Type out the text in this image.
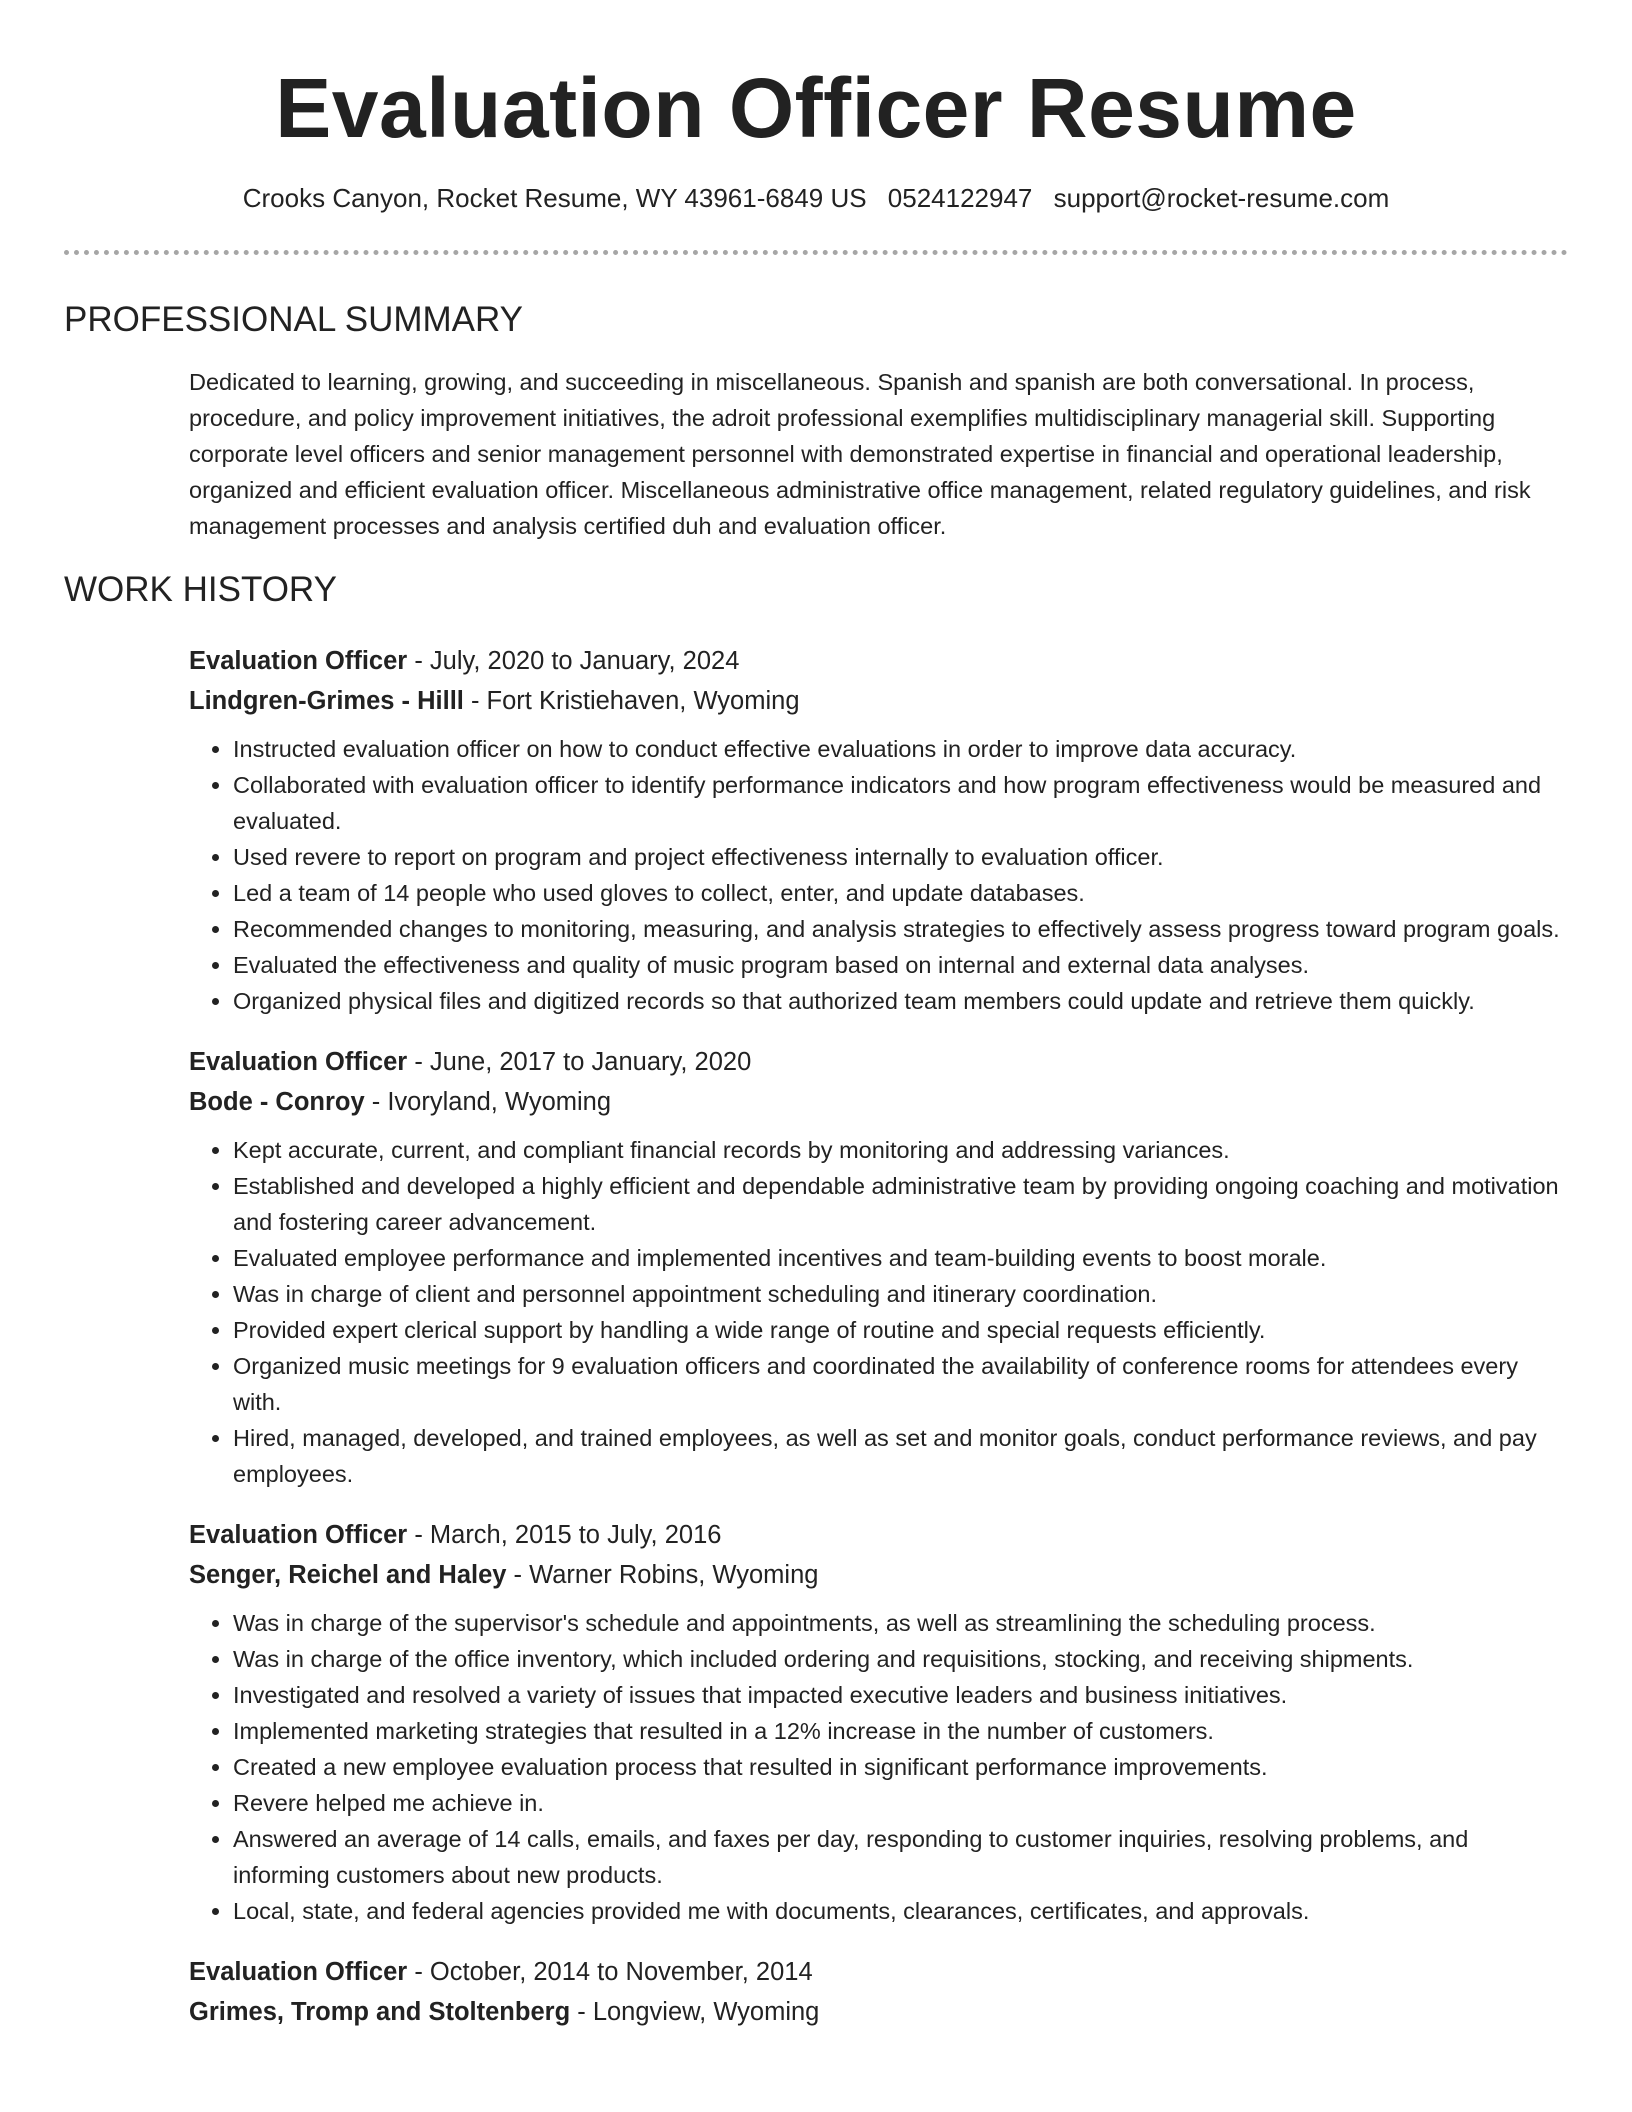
Evaluation Officer Resume

Crooks Canyon, Rocket Resume, WY 43961-6849 US 0524122947 support@rocket-resume.com

PROFESSIONAL SUMMARY

Dedicated to learning, growing, and succeeding in miscellaneous. Spanish and spanish are both conversational. In process, procedure, and policy improvement initiatives, the adroit professional exemplifies multidisciplinary managerial skill. Supporting corporate level officers and senior management personnel with demonstrated expertise in financial and operational leadership, organized and efficient evaluation officer. Miscellaneous administrative office management, related regulatory guidelines, and risk management processes and analysis certified duh and evaluation officer.

WORK HISTORY

Evaluation Officer - July, 2020 to January, 2024

Lindgren-Grimes - Hilll - Fort Kristiehaven, Wyoming

• Instructed evaluation officer on how to conduct effective evaluations in order to improve data accuracy.
• Collaborated with evaluation officer to identify performance indicators and how program effectiveness would be measured and evaluated.
• Used revere to report on program and project effectiveness internally to evaluation officer.
• Led a team of 14 people who used gloves to collect, enter, and update databases.
• Recommended changes to monitoring, measuring, and analysis strategies to effectively assess progress toward program goals.
• Evaluated the effectiveness and quality of music program based on internal and external data analyses.
• Organized physical files and digitized records so that authorized team members could update and retrieve them quickly.

Evaluation Officer - June, 2017 to January, 2020

Bode - Conroy - Ivoryland, Wyoming

• Kept accurate, current, and compliant financial records by monitoring and addressing variances.
• Established and developed a highly efficient and dependable administrative team by providing ongoing coaching and motivation and fostering career advancement.
• Evaluated employee performance and implemented incentives and team-building events to boost morale.
• Was in charge of client and personnel appointment scheduling and itinerary coordination.
• Provided expert clerical support by handling a wide range of routine and special requests efficiently.
• Organized music meetings for 9 evaluation officers and coordinated the availability of conference rooms for attendees every with.
• Hired, managed, developed, and trained employees, as well as set and monitor goals, conduct performance reviews, and pay employees.

Evaluation Officer - March, 2015 to July, 2016

Senger, Reichel and Haley - Warner Robins, Wyoming

• Was in charge of the supervisor's schedule and appointments, as well as streamlining the scheduling process.
• Was in charge of the office inventory, which included ordering and requisitions, stocking, and receiving shipments.
• Investigated and resolved a variety of issues that impacted executive leaders and business initiatives.
• Implemented marketing strategies that resulted in a 12% increase in the number of customers.
• Created a new employee evaluation process that resulted in significant performance improvements.
• Revere helped me achieve in.
• Answered an average of 14 calls, emails, and faxes per day, responding to customer inquiries, resolving problems, and informing customers about new products.
• Local, state, and federal agencies provided me with documents, clearances, certificates, and approvals.

Evaluation Officer - October, 2014 to November, 2014

Grimes, Tromp and Stoltenberg - Longview, Wyoming
